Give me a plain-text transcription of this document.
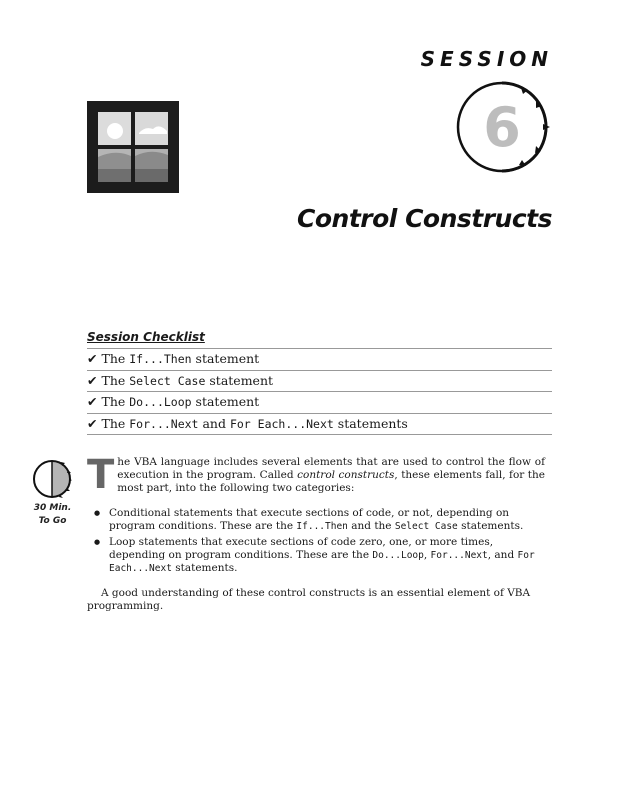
SESSION
6
Control Constructs
Session Checklist
✔ The If...Then statement
✔ The Select Case statement
✔ The Do...Loop statement
✔ The For...Next and For Each...Next statements
30 Min.
To Go

The VBA language includes several elements that are used to control the flow of execution in the program. Called control constructs, these elements fall, for the most part, into the following two categories:

● Conditional statements that execute sections of code, or not, depending on program conditions. These are the If...Then and the Select Case statements.
● Loop statements that execute sections of code zero, one, or more times, depending on program conditions. These are the Do...Loop, For...Next, and For Each...Next statements.

A good understanding of these control constructs is an essential element of VBA programming.
